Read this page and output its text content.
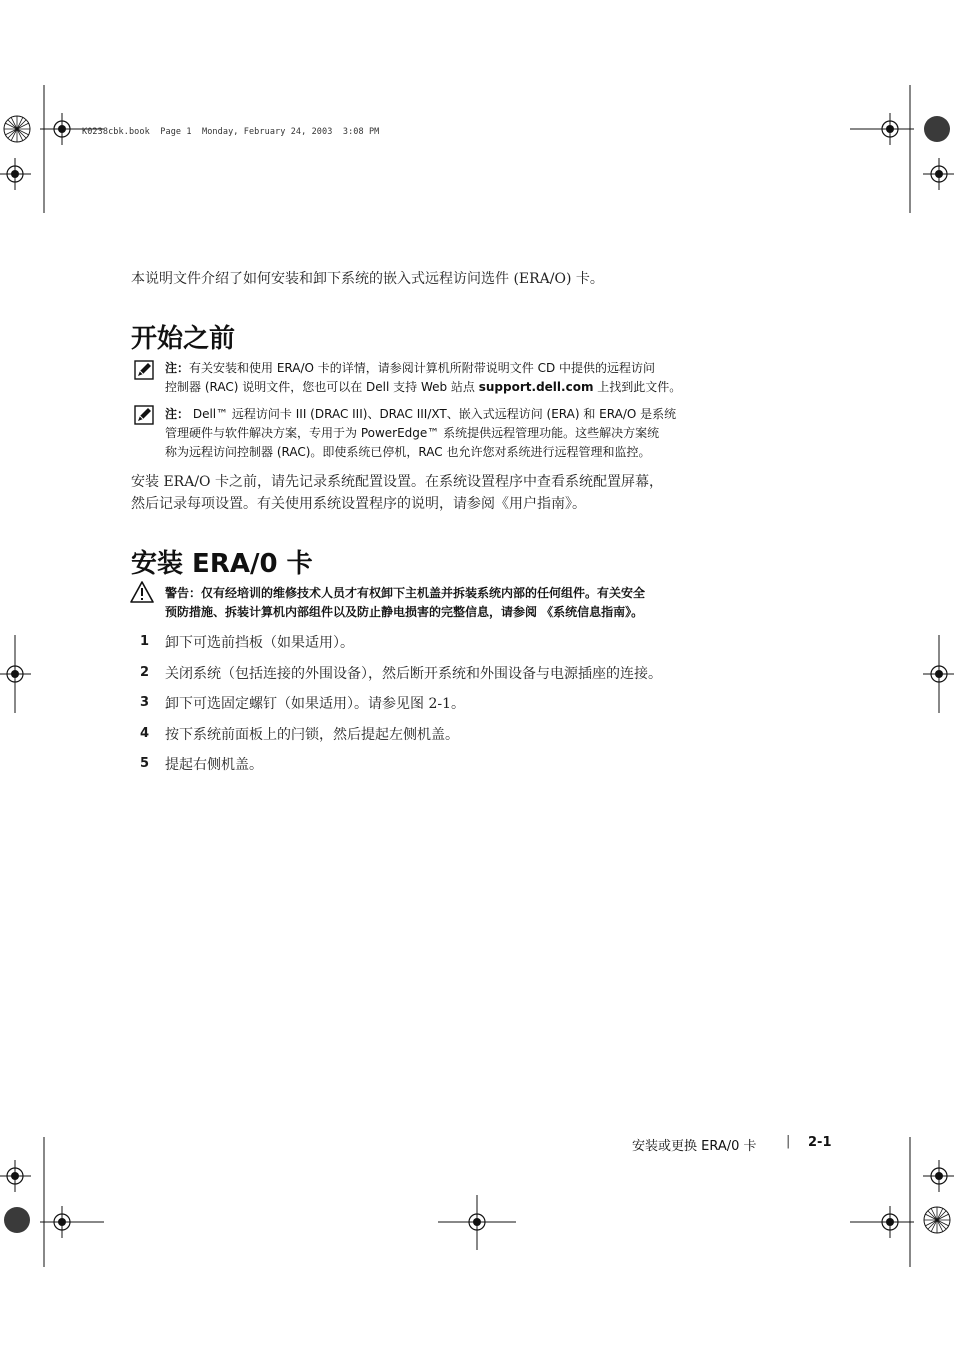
K0238cbk.book  Page 1  Monday, February 24, 2003  3:08 PM
本说明文件介绍了如何安装和卸下系统的嵌入式远程访问选件 (ERA/O) 卡。
开始之前
注：有关安装和使用 ERA/O 卡的详情，请参阅计算机所附带说明文件 CD 中提供的远程访问
控制器 (RAC) 说明文件，您也可以在 Dell 支持 Web 站点 support.dell.com 上找到此文件。
注： Dell™ 远程访问卡 III (DRAC III)、DRAC III/XT、嵌入式远程访问 (ERA) 和 ERA/O 是系统
管理硬件与软件解决方案，专用于为 PowerEdge™ 系统提供远程管理功能。这些解决方案统
称为远程访问控制器 (RAC)。即使系统已停机，RAC 也允许您对系统进行远程管理和监控。
安装 ERA/O 卡之前，请先记录系统配置设置。在系统设置程序中查看系统配置屏幕，
然后记录每项设置。有关使用系统设置程序的说明，请参阅《用户指南》。
安装 ERA/0 卡
警告：仅有经培训的维修技术人员才有权卸下主机盖并拆装系统内部的任何组件。有关安全
预防措施、拆装计算机内部组件以及防止静电损害的完整信息，请参阅 《系统信息指南》。
1 卸下可选前挡板（如果适用）。
2 关闭系统（包括连接的外围设备），然后断开系统和外围设备与电源插座的连接。
3 卸下可选固定螺钉（如果适用）。请参见图 2-1。
4 按下系统前面板上的闩锁，然后提起左侧机盖。
5 提起右侧机盖。
安装或更换 ERA/0 卡 | 2-1
